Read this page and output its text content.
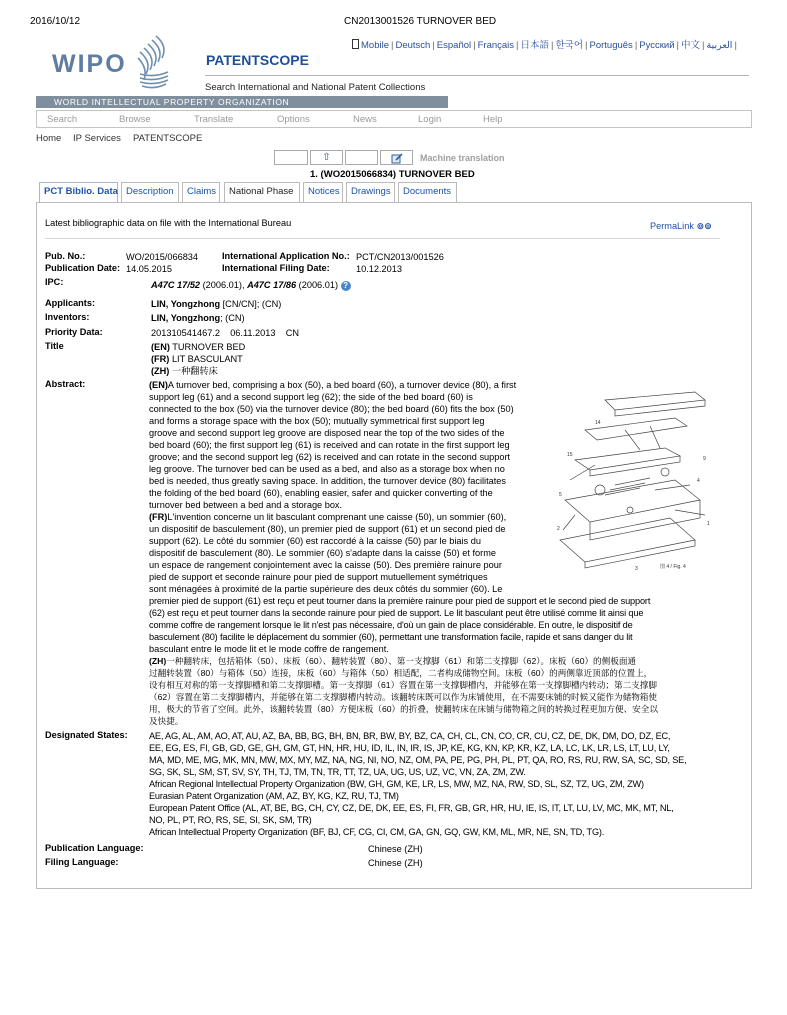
2016/10/12	CN2013001526 TURNOVER BED
Mobile | Deutsch | Español | Français | 日本語 | 한국어 | Português | Русский | 中文 | العربية |
WIPO	PATENTSCOPE
Search International and National Patent Collections
WORLD INTELLECTUAL PROPERTY ORGANIZATION
Search	Browse	Translate	Options	News	Login	Help
Home IP Services PATENTSCOPE
⇧	Machine translation
1. (WO2015066834) TURNOVER BED
PCT Biblio. Data Description	Claims	National Phase	Notices	Drawings	Documents
Latest bibliographic data on file with the International Bureau	PermaLink ⊚⊚
Pub. No.:	WO/2015/066834
Publication Date: 14.05.2015
International Application No.: PCT/CN2013/001526
International Filing Date:	10.12.2013
IPC:	A47C 17/52 (2006.01), A47C 17/86 (2006.01) ?
Applicants:	LIN, Yongzhong [CN/CN]; (CN)
Inventors:	LIN, Yongzhong; (CN)
Priority Data:	201310541467.2    06.11.2013    CN
Title	(EN) TURNOVER BED
(FR) LIT BASCULANT
(ZH) 一种翻转床
Abstract:	(EN)A turnover bed, comprising a box (50), a bed board (60), a turnover device (80), a first
support leg (61) and a second support leg (62); the side of the bed board (60) is
connected to the box (50) via the turnover device (80); the bed board (60) fits the box (50)
and forms a storage space with the box (50); mutually symmetrical first support leg
groove and second support leg groove are disposed near the top of the two sides of the
bed board (60); the first support leg (61) is received and can rotate in the first support leg
groove; and the second support leg (62) is received and can rotate in the second support
leg groove. The turnover bed can be used as a bed, and also as a storage box when no
bed is needed, thus greatly saving space. In addition, the turnover device (80) facilitates
the folding of the bed board (60), enabling easier, safer and quicker converting of the
turnover bed between a bed and a storage box.
(FR)L'invention concerne un lit basculant comprenant une caisse (50), un sommier (60),
un dispositif de basculement (80), un premier pied de support (61) et un second pied de
support (62). Le côté du sommier (60) est raccordé à la caisse (50) par le biais du
dispositif de basculement (80). Le sommier (60) s'adapte dans la caisse (50) et forme
un espace de rangement conjointement avec la caisse (50). Des première rainure pour
pied de support et seconde rainure pour pied de support mutuellement symétriques
sont ménagées à proximité de la partie supérieure des deux côtés du sommier (60). Le
premier pied de support (61) est reçu et peut tourner dans la première rainure pour pied de support et le second pied de support
(62) est reçu et peut tourner dans la seconde rainure pour pied de support. Le lit basculant peut être utilisé comme lit ainsi que
comme coffre de rangement lorsque le lit n'est pas nécessaire, d'où un gain de place considérable. En outre, le dispositif de
basculement (80) facilite le déplacement du sommier (60), permettant une transformation facile, rapide et sans danger du lit
basculant entre le mode lit et le mode coffre de rangement.
(ZH)一种翻转床，包括箱体（50）、床板（60）、翻转装置（80）、第一支撑脚（61）和第二支撑脚（62）。床板（60）的侧板面通
过翻转装置（80）与箱体（50）连接，床板（60）与箱体（50）相适配，二者构成储物空间。床板（60）的两侧靠近顶部的位置上，
设有相互对称的第一支撑脚槽和第二支撑脚槽。第一支撑脚（61）容置在第一支撑脚槽内，并能够在第一支撑脚槽内转动；第二支撑脚
（62）容置在第二支撑脚槽内，并能够在第二支撑脚槽内转动。该翻转床既可以作为床铺使用，在不需要床铺的时候又能作为储物箱使
用，极大的节省了空间。此外，该翻转装置（80）方便床板（60）的折叠，使翻转床在床铺与储物箱之间的转换过程更加方便、安全以
及快捷。
15
14
5
4
9
2
1
3	图 4 / Fig. 4
Designated States: AE, AG, AL, AM, AO, AT, AU, AZ, BA, BB, BG, BH, BN, BR, BW, BY, BZ, CA, CH, CL, CN, CO, CR, CU, CZ, DE, DK, DM, DO, DZ, EC,
EE, EG, ES, FI, GB, GD, GE, GH, GM, GT, HN, HR, HU, ID, IL, IN, IR, IS, JP, KE, KG, KN, KP, KR, KZ, LA, LC, LK, LR, LS, LT, LU, LY,
MA, MD, ME, MG, MK, MN, MW, MX, MY, MZ, NA, NG, NI, NO, NZ, OM, PA, PE, PG, PH, PL, PT, QA, RO, RS, RU, RW, SA, SC, SD, SE,
SG, SK, SL, SM, ST, SV, SY, TH, TJ, TM, TN, TR, TT, TZ, UA, UG, US, UZ, VC, VN, ZA, ZM, ZW.
African Regional Intellectual Property Organization (BW, GH, GM, KE, LR, LS, MW, MZ, NA, RW, SD, SL, SZ, TZ, UG, ZM, ZW)
Eurasian Patent Organization (AM, AZ, BY, KG, KZ, RU, TJ, TM)
European Patent Office (AL, AT, BE, BG, CH, CY, CZ, DE, DK, EE, ES, FI, FR, GB, GR, HR, HU, IE, IS, IT, LT, LU, LV, MC, MK, MT, NL,
NO, PL, PT, RO, RS, SE, SI, SK, SM, TR)
African Intellectual Property Organization (BF, BJ, CF, CG, CI, CM, GA, GN, GQ, GW, KM, ML, MR, NE, SN, TD, TG).
Publication Language:	Chinese (ZH)
Filing Language:	Chinese (ZH)
